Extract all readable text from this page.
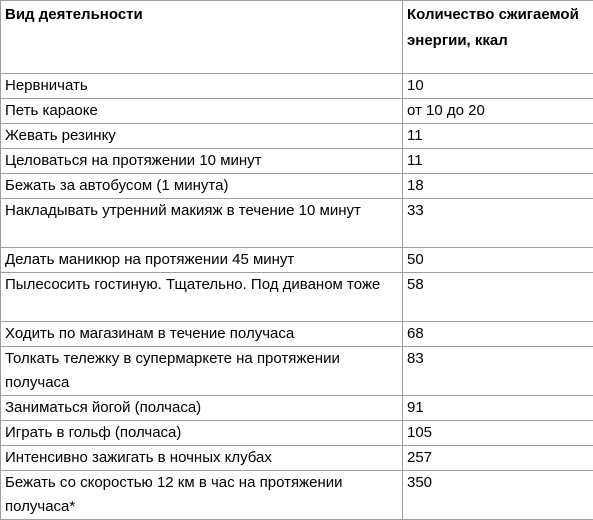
Вид деятельности	Количество сжигаемой энергии, ккал
Нервничать	10
Петь караоке	от 10 до 20
Жевать резинку	11
Целоваться на протяжении 10 минут	11
Бежать за автобусом (1 минута)	18
Накладывать утренний макияж в течение 10 минут	33
Делать маникюр на протяжении 45 минут	50
Пылесосить гостиную. Тщательно. Под диваном тоже	58
Ходить по магазинам в течение получаса	68
Толкать тележку в супермаркете на протяжении получаса	83
Заниматься йогой (полчаса)	91
Играть в гольф (полчаса)	105
Интенсивно зажигать в ночных клубах	257
Бежать со скоростью 12 км в час на протяжении получаса*	350
